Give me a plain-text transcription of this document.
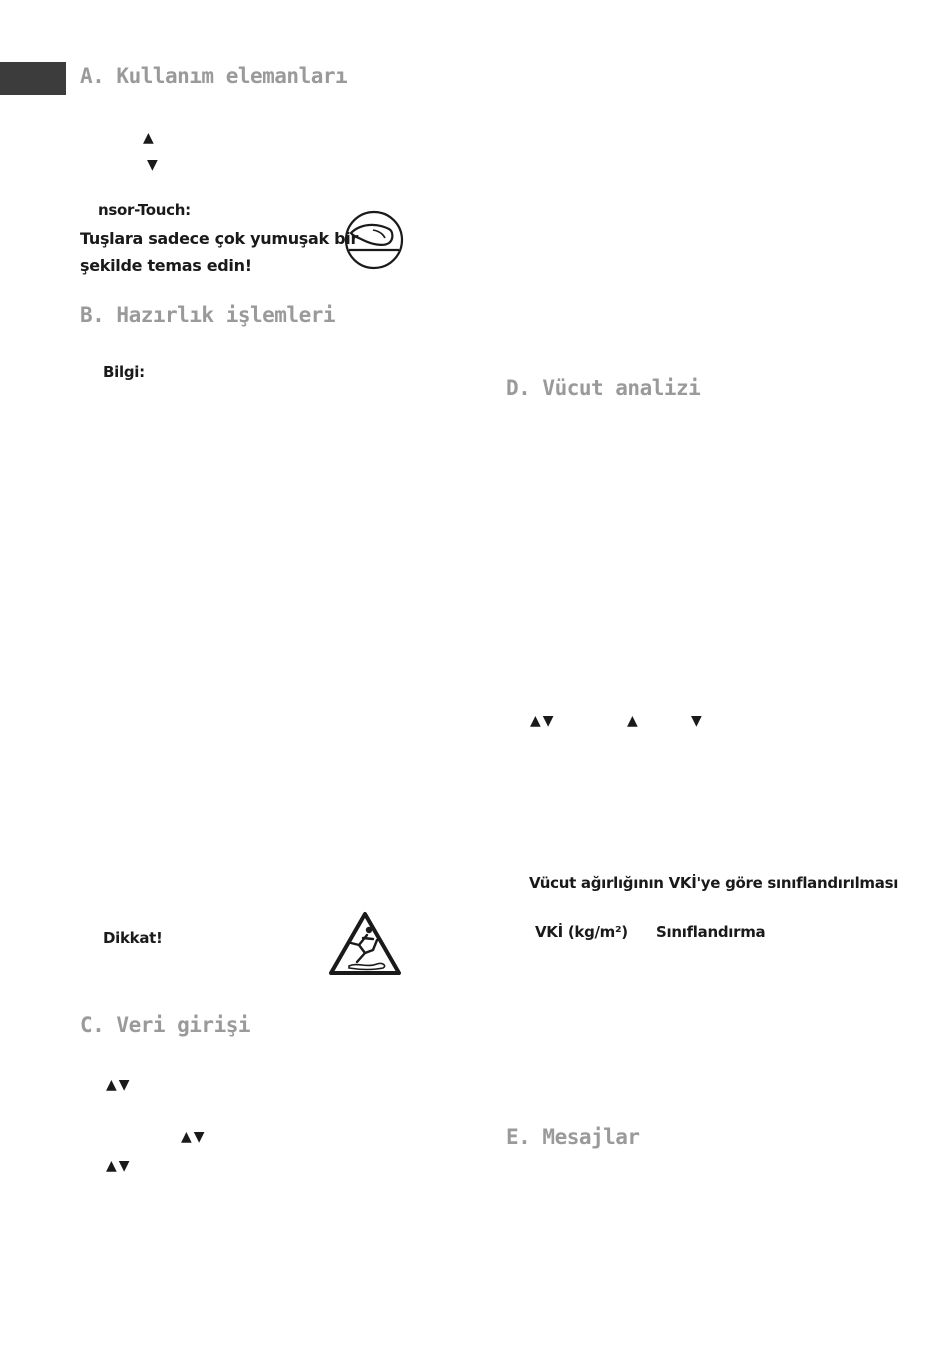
A. Kullanım elemanları
▲
▼
nsor-Touch:
Tuşlara sadece çok yumuşak bir
şekilde temas edin!
B. Hazırlık işlemleri
Bilgi:
Dikkat!
C. Veri girişi
▲▼
▲▼
▲▼
D. Vücut analizi
▲▼	▲	▼
Vücut ağırlığının VKİ'ye göre sınıflandırılması
VKİ (kg/m²) Sınıflandırma
E. Mesajlar
